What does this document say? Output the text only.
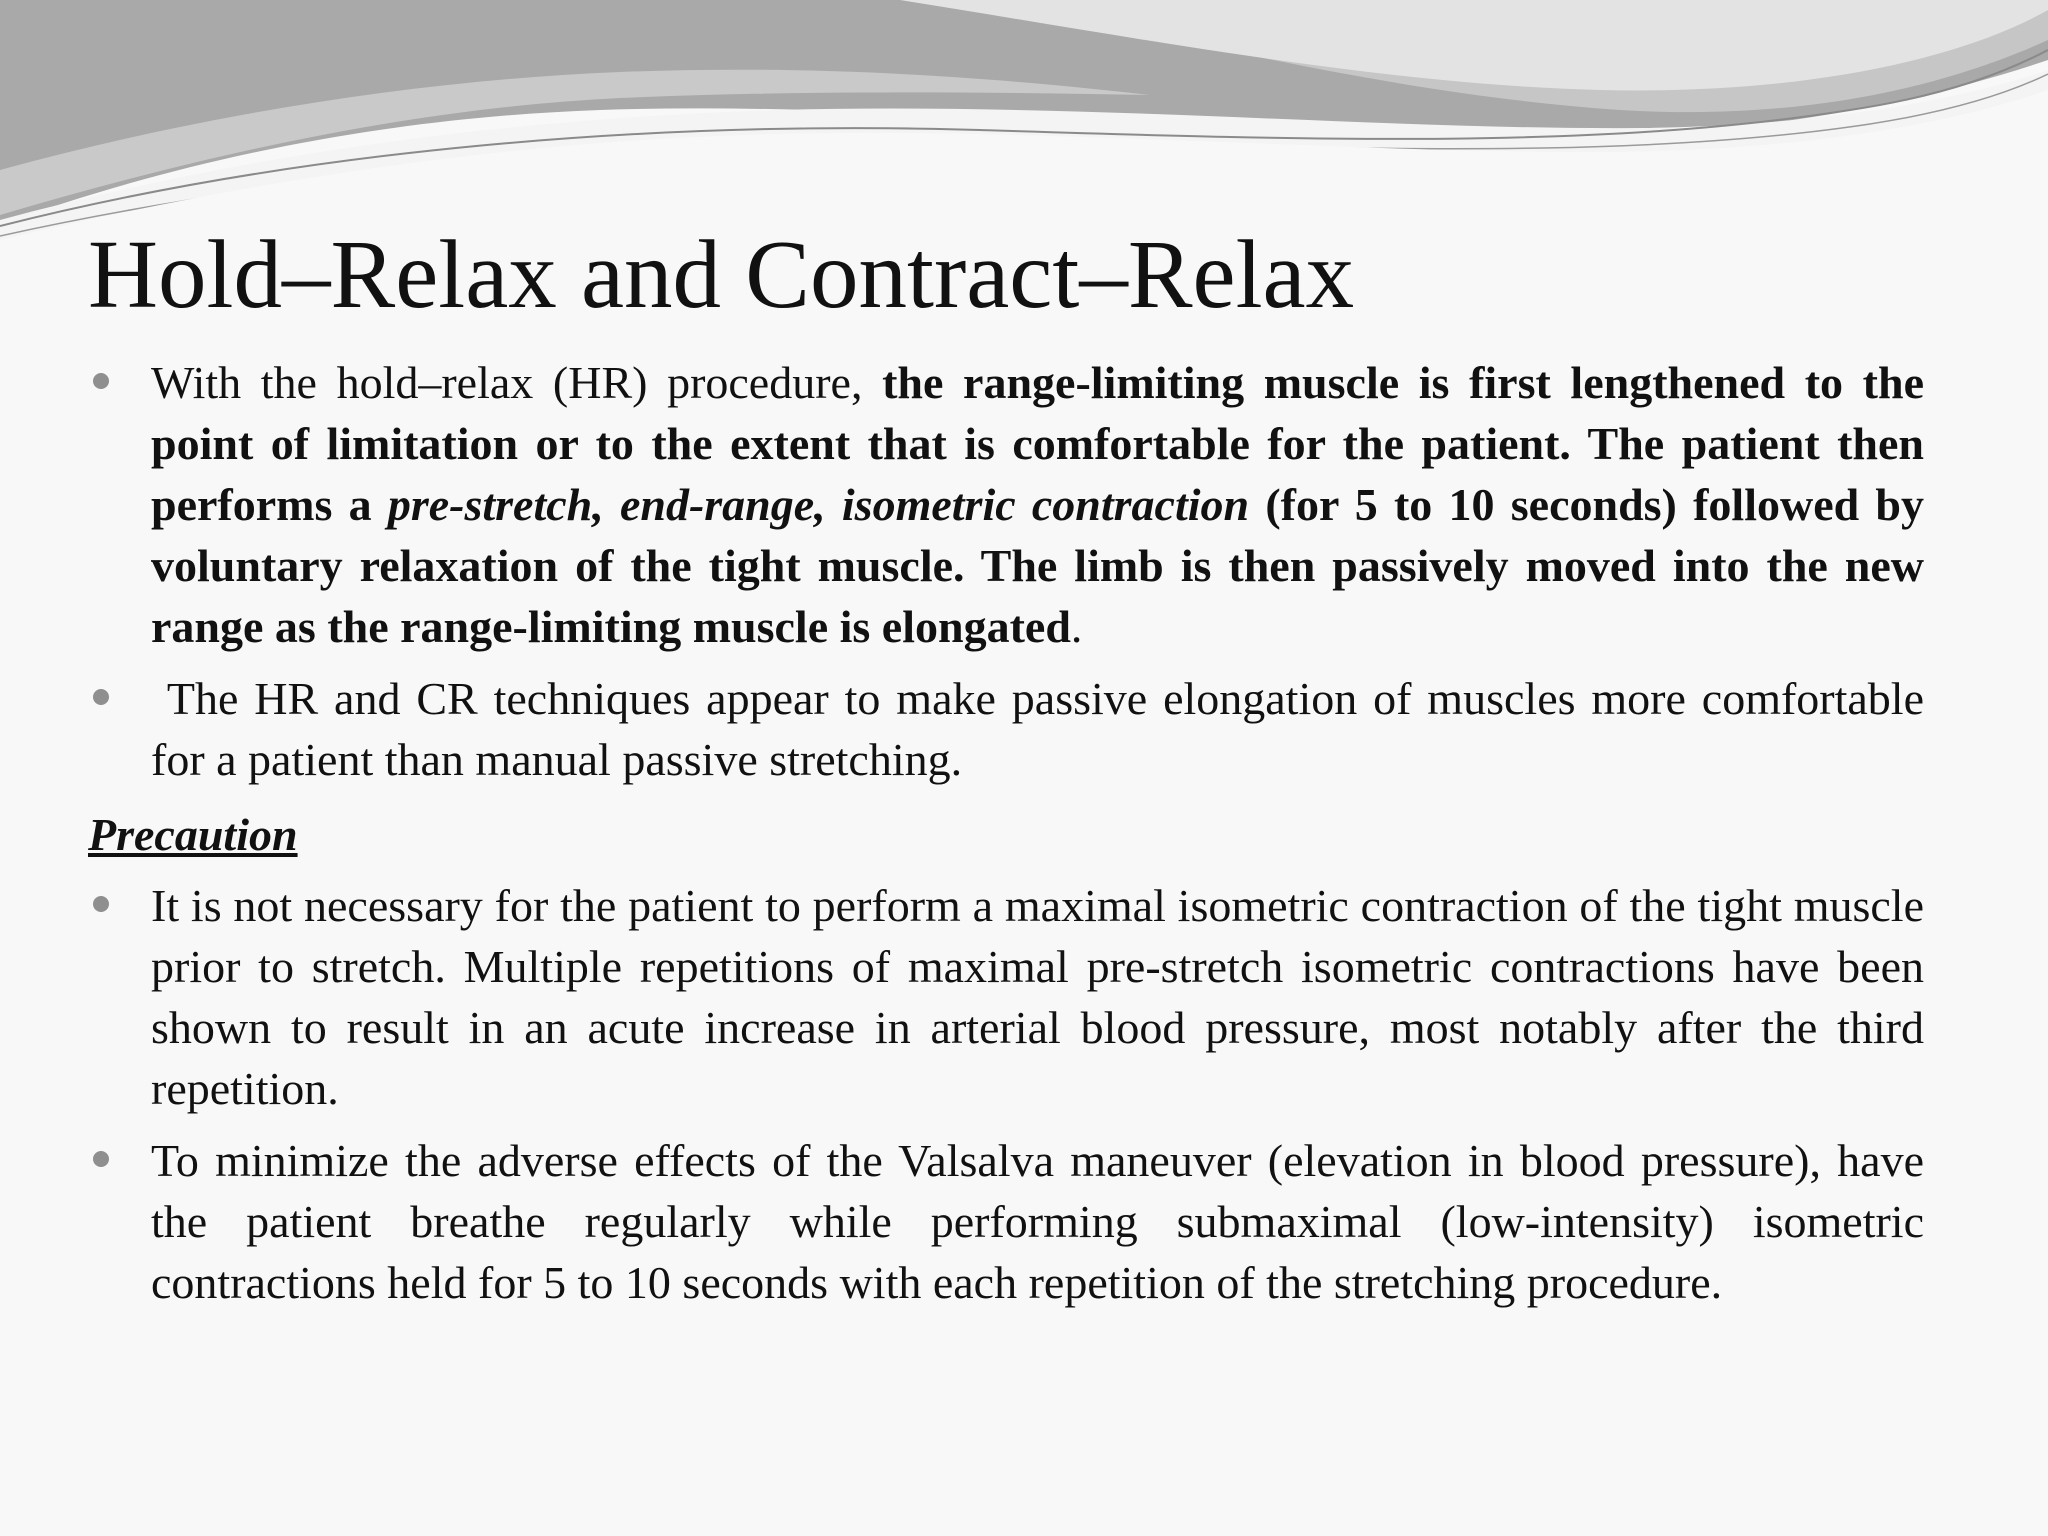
Hold–Relax and Contract–Relax
With the hold–relax (HR) procedure, the range-limiting muscle is first lengthened to the point of limitation or to the extent that is comfortable for the patient. The patient then performs a pre-stretch, end-range, isometric contraction (for 5 to 10 seconds) followed by voluntary relaxation of the tight muscle. The limb is then passively moved into the new range as the range-limiting muscle is elongated.
The HR and CR techniques appear to make passive elongation of muscles more comfortable for a patient than manual passive stretching.
Precaution
It is not necessary for the patient to perform a maximal isometric contraction of the tight muscle prior to stretch. Multiple repetitions of maximal pre-stretch isometric contractions have been shown to result in an acute increase in arterial blood pressure, most notably after the third repetition.
To minimize the adverse effects of the Valsalva maneuver (elevation in blood pressure), have the patient breathe regularly while performing submaximal (low-intensity) isometric contractions held for 5 to 10 seconds with each repetition of the stretching procedure.
